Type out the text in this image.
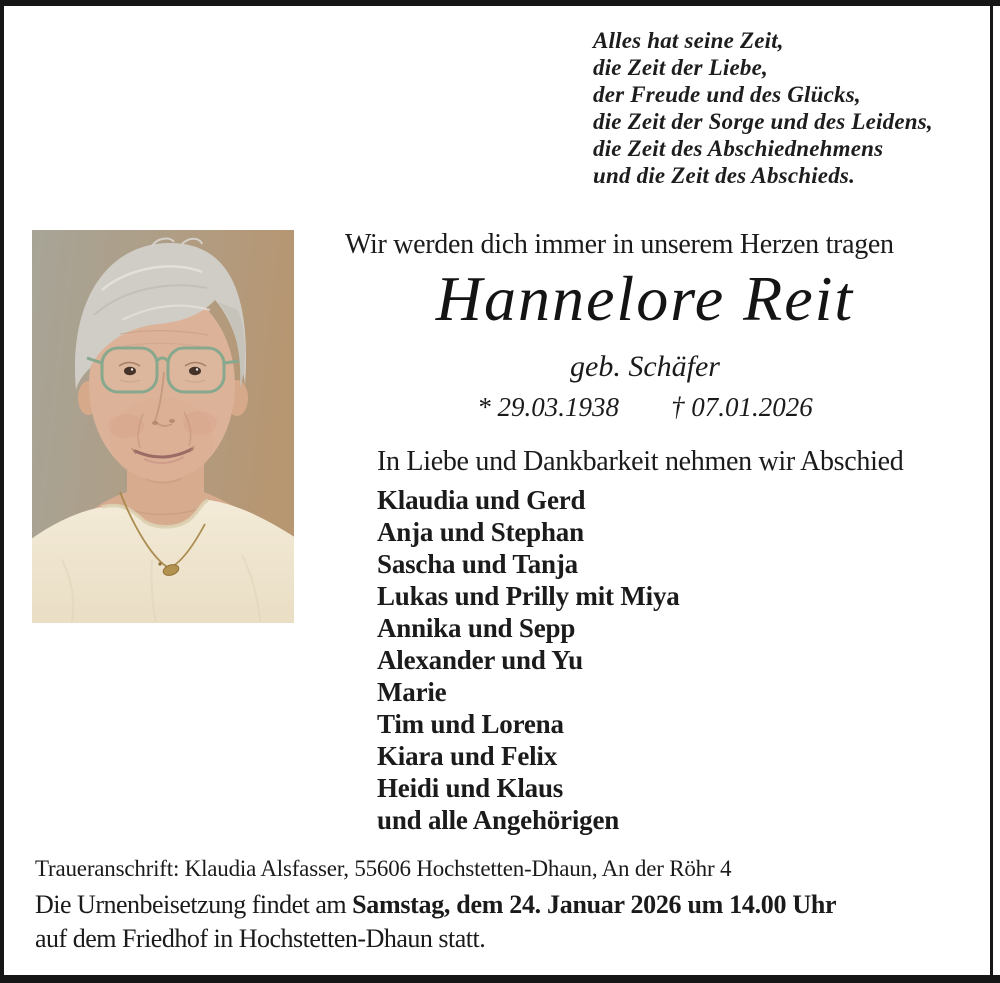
Alles hat seine Zeit,
die Zeit der Liebe,
der Freude und des Glücks,
die Zeit der Sorge und des Leidens,
die Zeit des Abschiednehmens
und die Zeit des Abschieds.
Wir werden dich immer in unserem Herzen tragen
Hannelore Reit
geb. Schäfer
* 29.03.1938 † 07.01.2026
In Liebe und Dankbarkeit nehmen wir Abschied
Klaudia und Gerd
Anja und Stephan
Sascha und Tanja
Lukas und Prilly mit Miya
Annika und Sepp
Alexander und Yu
Marie
Tim und Lorena
Kiara und Felix
Heidi und Klaus
und alle Angehörigen
Traueranschrift: Klaudia Alsfasser, 55606 Hochstetten-Dhaun, An der Röhr 4
Die Urnenbeisetzung findet am Samstag, dem 24. Januar 2026 um 14.00 Uhr
auf dem Friedhof in Hochstetten-Dhaun statt.
